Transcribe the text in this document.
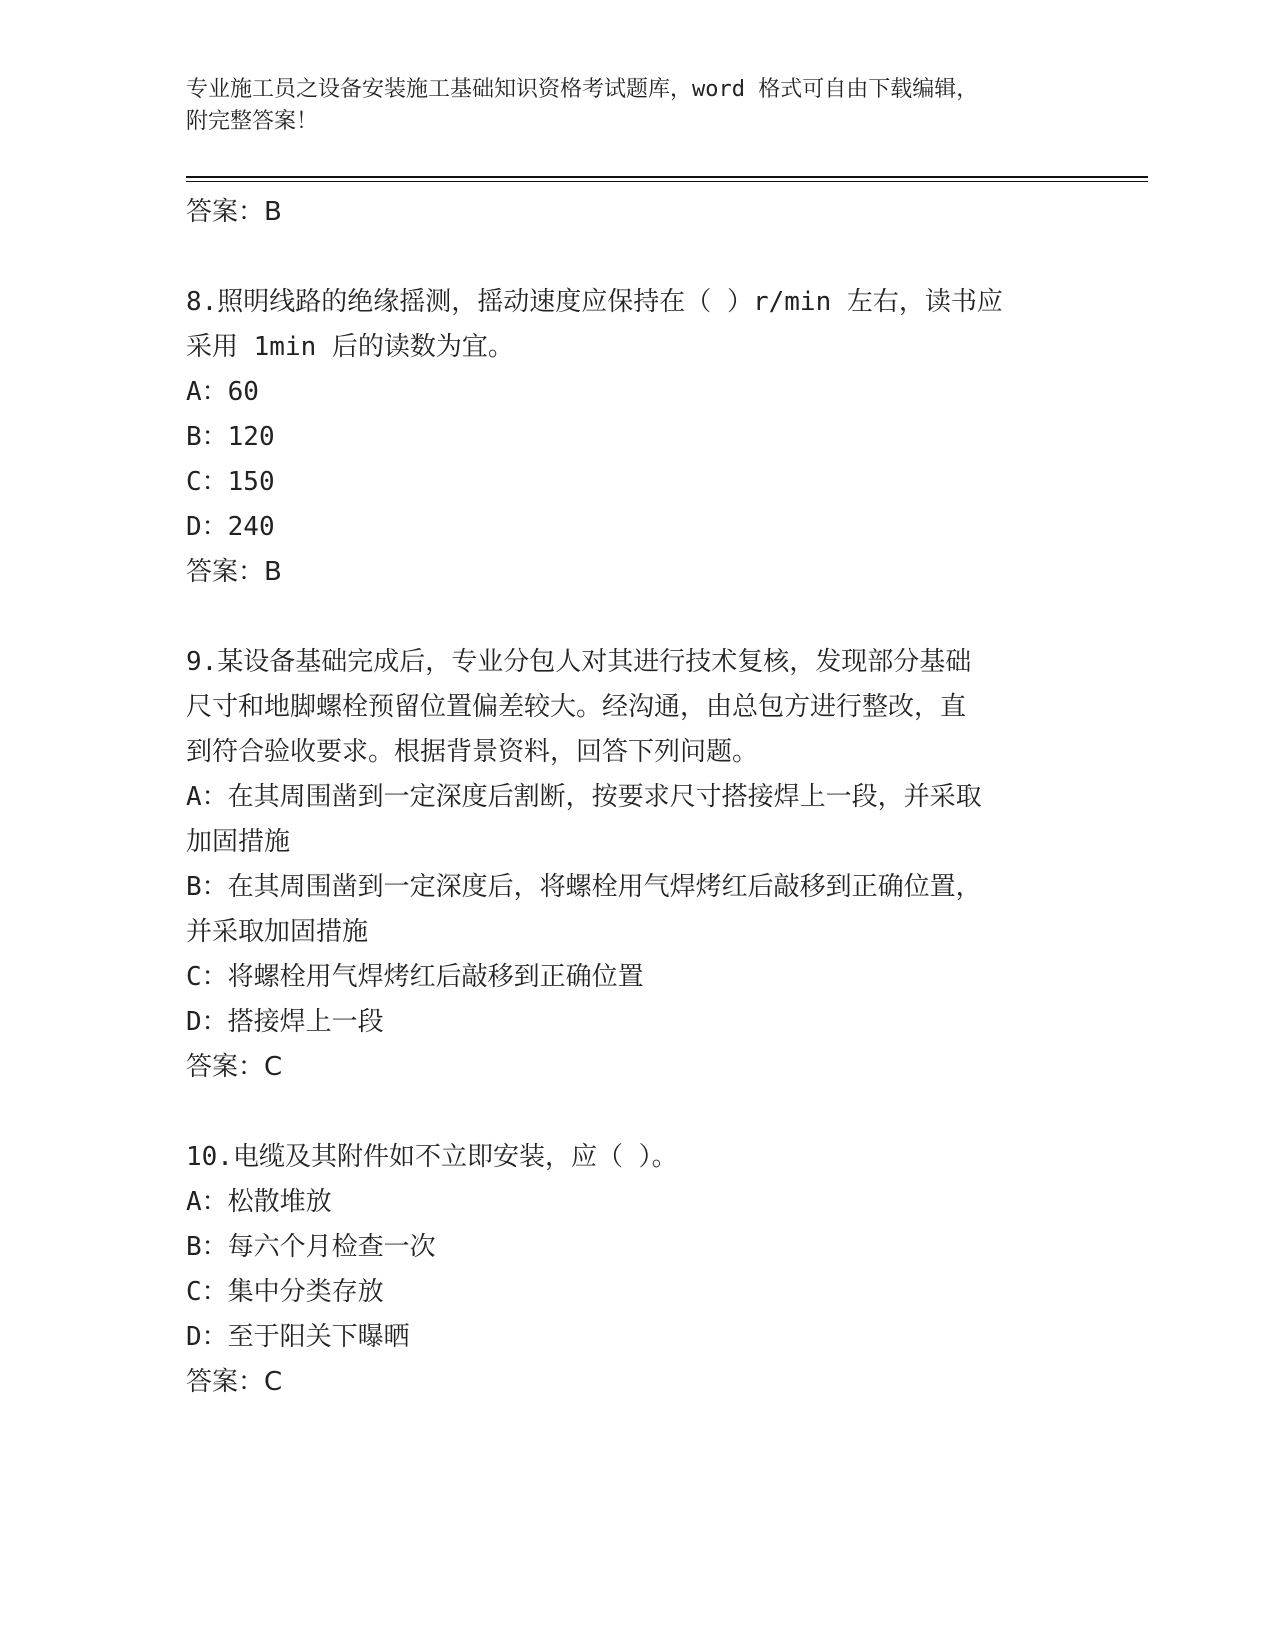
专业施工员之设备安装施工基础知识资格考试题库，word 格式可自由下载编辑，
附完整答案！
答案：B
8.照明线路的绝缘摇测，摇动速度应保持在（ ）r/min 左右，读书应
采用 1min 后的读数为宜。
A：60
B：120
C：150
D：240
答案：B
9.某设备基础完成后，专业分包人对其进行技术复核，发现部分基础
尺寸和地脚螺栓预留位置偏差较大。经沟通，由总包方进行整改，直
到符合验收要求。根据背景资料，回答下列问题。
A：在其周围凿到一定深度后割断，按要求尺寸搭接焊上一段，并采取
加固措施
B：在其周围凿到一定深度后，将螺栓用气焊烤红后敲移到正确位置，
并采取加固措施
C：将螺栓用气焊烤红后敲移到正确位置
D：搭接焊上一段
答案：C
10.电缆及其附件如不立即安装，应（ ）。
A：松散堆放
B：每六个月检查一次
C：集中分类存放
D：至于阳关下曝晒
答案：C
